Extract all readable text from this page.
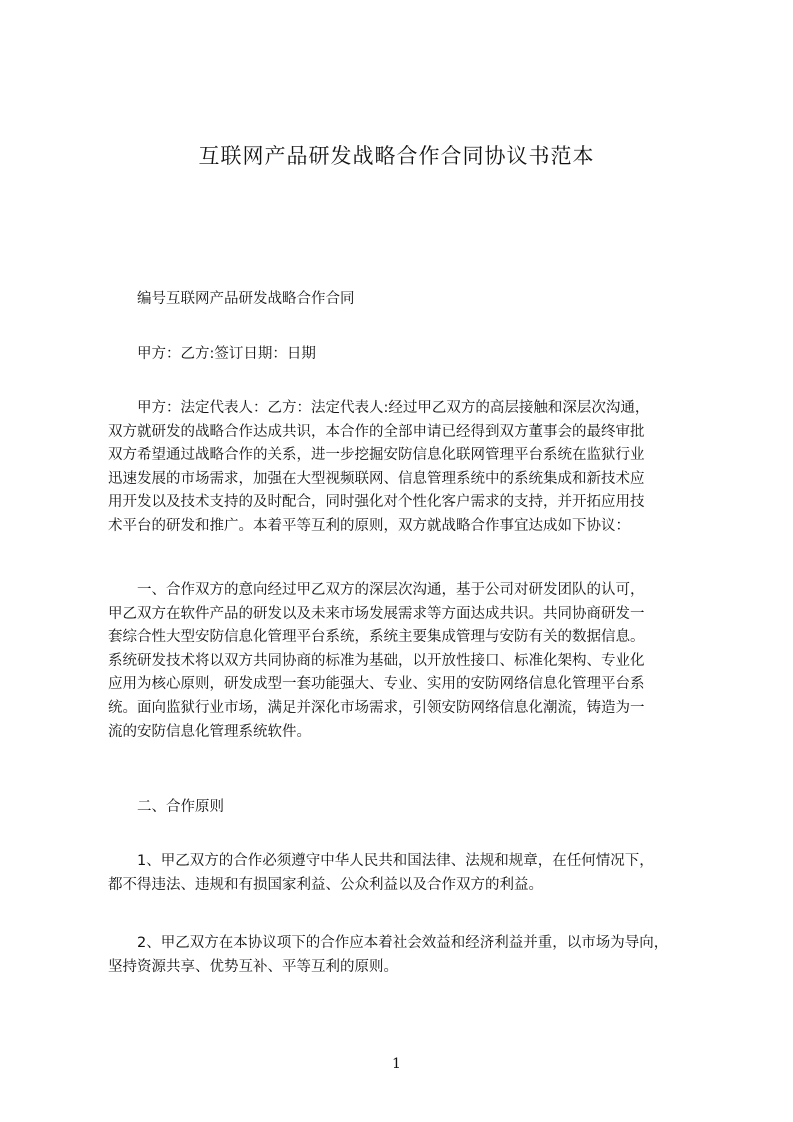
互联网产品研发战略合作合同协议书范本
编号互联网产品研发战略合作合同
甲方：乙方:签订日期：日期
甲方：法定代表人：乙方：法定代表人:经过甲乙双方的高层接触和深层次沟通，
双方就研发的战略合作达成共识，本合作的全部申请已经得到双方董事会的最终审批
双方希望通过战略合作的关系，进一步挖掘安防信息化联网管理平台系统在监狱行业
迅速发展的市场需求，加强在大型视频联网、信息管理系统中的系统集成和新技术应
用开发以及技术支持的及时配合，同时强化对个性化客户需求的支持，并开拓应用技
术平台的研发和推广。本着平等互利的原则，双方就战略合作事宜达成如下协议：
一、合作双方的意向经过甲乙双方的深层次沟通，基于公司对研发团队的认可，
甲乙双方在软件产品的研发以及未来市场发展需求等方面达成共识。共同协商研发一
套综合性大型安防信息化管理平台系统，系统主要集成管理与安防有关的数据信息。
系统研发技术将以双方共同协商的标准为基础，以开放性接口、标准化架构、专业化
应用为核心原则，研发成型一套功能强大、专业、实用的安防网络信息化管理平台系
统。面向监狱行业市场，满足并深化市场需求，引领安防网络信息化潮流，铸造为一
流的安防信息化管理系统软件。
二、合作原则
1、甲乙双方的合作必须遵守中华人民共和国法律、法规和规章，在任何情况下，
都不得违法、违规和有损国家利益、公众利益以及合作双方的利益。
2、甲乙双方在本协议项下的合作应本着社会效益和经济利益并重，以市场为导向，
坚持资源共享、优势互补、平等互利的原则。
1
